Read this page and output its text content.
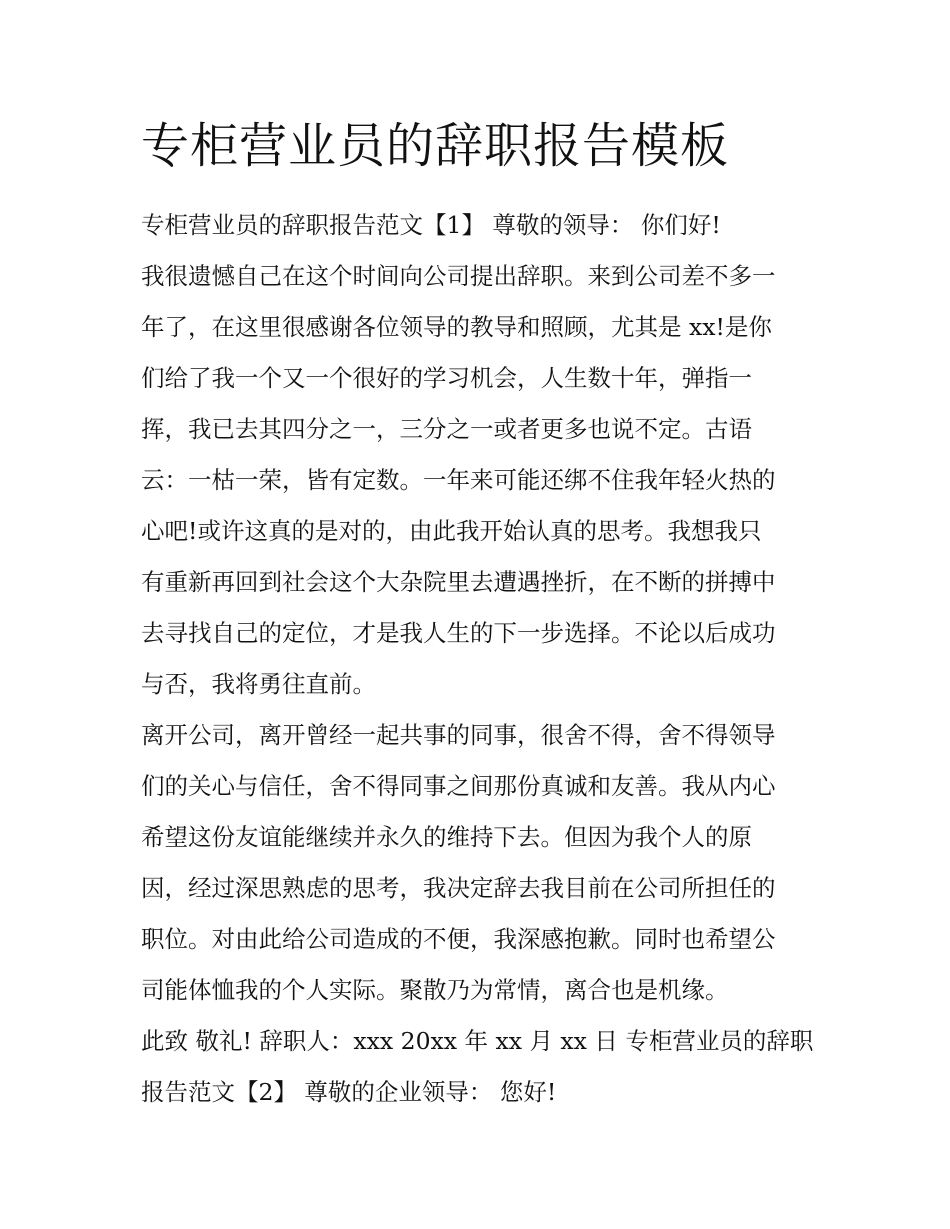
专柜营业员的辞职报告模板
专柜营业员的辞职报告范文【1】 尊敬的领导： 你们好!
我很遗憾自己在这个时间向公司提出辞职。来到公司差不多一
年了，在这里很感谢各位领导的教导和照顾，尤其是 xx!是你
们给了我一个又一个很好的学习机会，人生数十年，弹指一
挥，我已去其四分之一，三分之一或者更多也说不定。古语
云：一枯一荣，皆有定数。一年来可能还绑不住我年轻火热的
心吧!或许这真的是对的，由此我开始认真的思考。我想我只
有重新再回到社会这个大杂院里去遭遇挫折，在不断的拼搏中
去寻找自己的定位，才是我人生的下一步选择。不论以后成功
与否，我将勇往直前。
离开公司，离开曾经一起共事的同事，很舍不得，舍不得领导
们的关心与信任，舍不得同事之间那份真诚和友善。我从内心
希望这份友谊能继续并永久的维持下去。但因为我个人的原
因，经过深思熟虑的思考，我决定辞去我目前在公司所担任的
职位。对由此给公司造成的不便，我深感抱歉。同时也希望公
司能体恤我的个人实际。聚散乃为常情，离合也是机缘。
此致 敬礼! 辞职人：xxx 20xx 年 xx 月 xx 日 专柜营业员的辞职
报告范文【2】 尊敬的企业领导： 您好!
